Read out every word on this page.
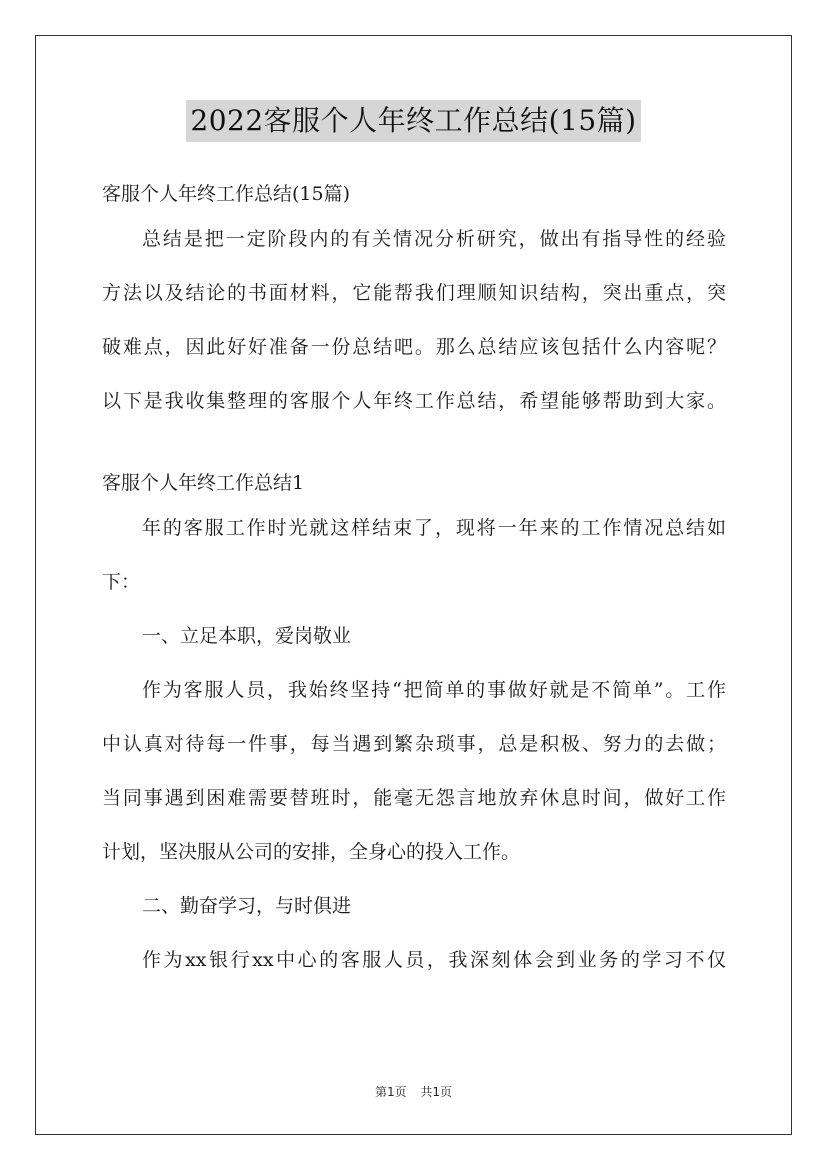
2022客服个人年终工作总结(15篇)
客服个人年终工作总结(15篇)
总结是把一定阶段内的有关情况分析研究，做出有指导性的经验
方法以及结论的书面材料，它能帮我们理顺知识结构，突出重点，突
破难点，因此好好准备一份总结吧。那么总结应该包括什么内容呢？
以下是我收集整理的客服个人年终工作总结，希望能够帮助到大家。
客服个人年终工作总结1
年的客服工作时光就这样结束了，现将一年来的工作情况总结如
下：
一、立足本职，爱岗敬业
作为客服人员，我始终坚持“把简单的事做好就是不简单”。工作
中认真对待每一件事，每当遇到繁杂琐事，总是积极、努力的去做；
当同事遇到困难需要替班时，能毫无怨言地放弃休息时间，做好工作
计划，坚决服从公司的安排，全身心的投入工作。
二、勤奋学习，与时俱进
作为xx银行xx中心的客服人员，我深刻体会到业务的学习不仅
第1页 共1页
